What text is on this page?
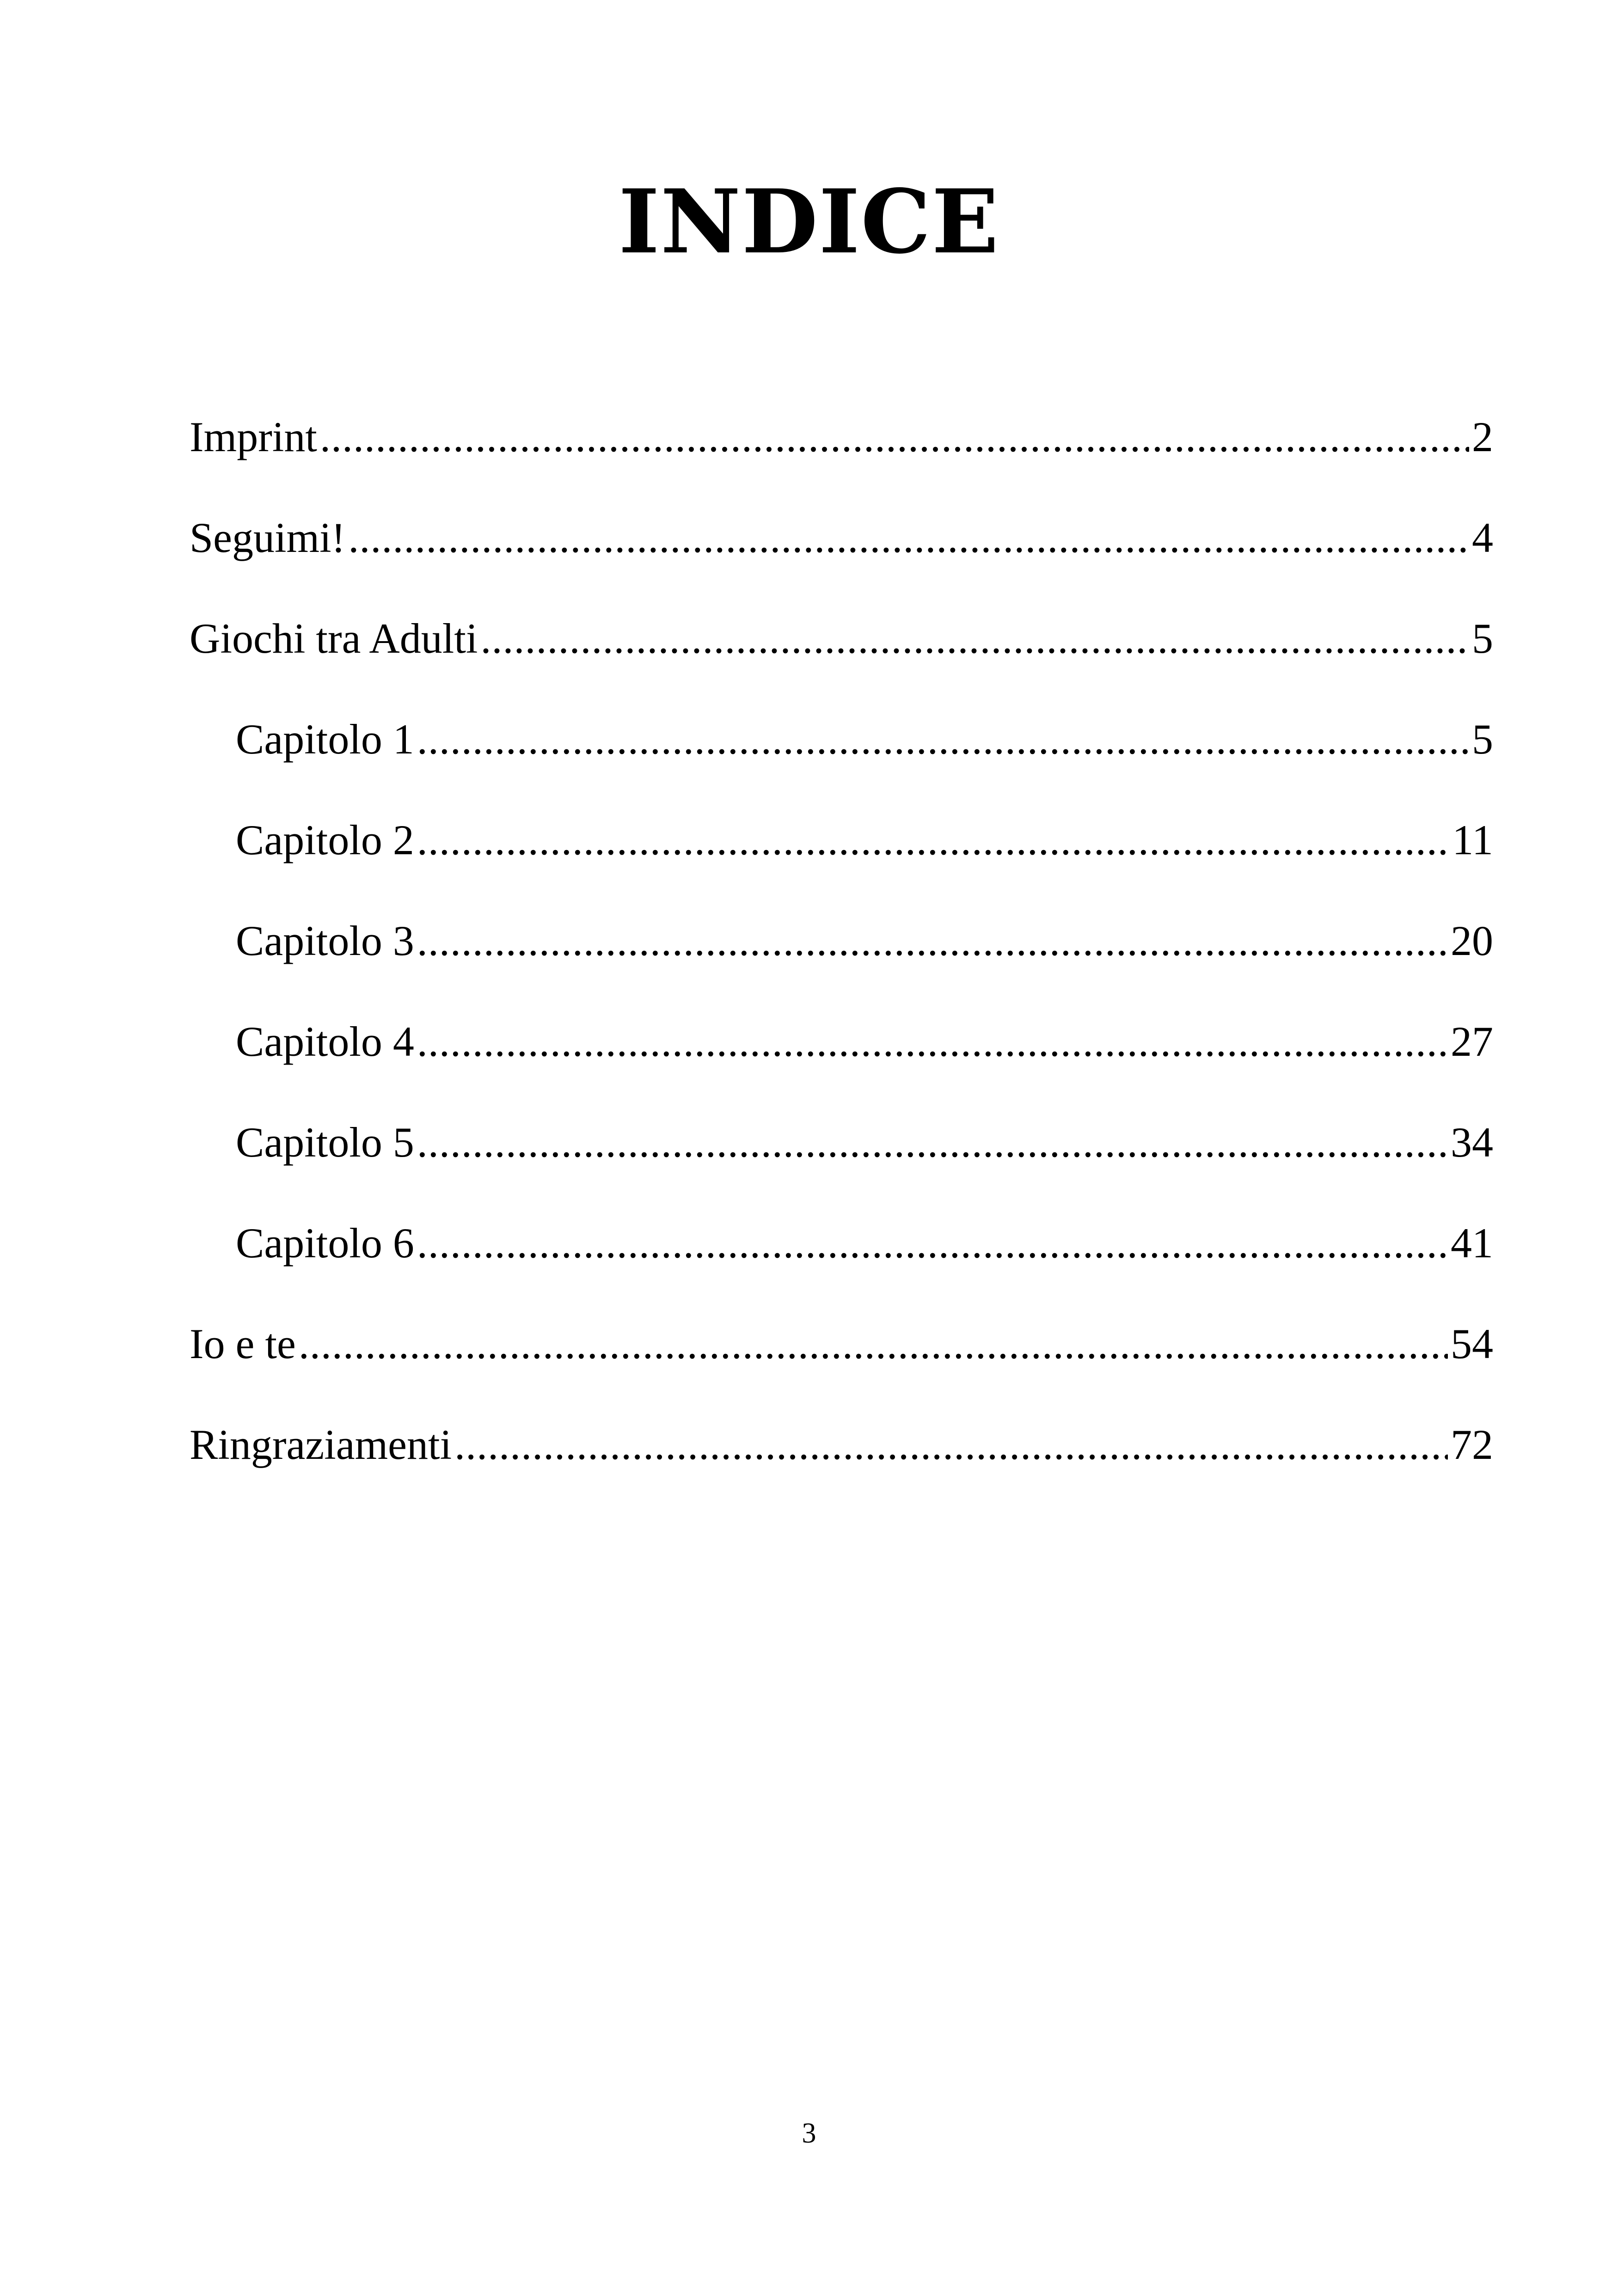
INDICE
Imprint .....	2
Seguimi! .....	4
Giochi tra Adulti .....	5
Capitolo 1 .....	5
Capitolo 2 .....	11
Capitolo 3 .....	20
Capitolo 4 .....	27
Capitolo 5 .....	34
Capitolo 6 .....	41
Io e te .....	54
Ringraziamenti .....	72

3
